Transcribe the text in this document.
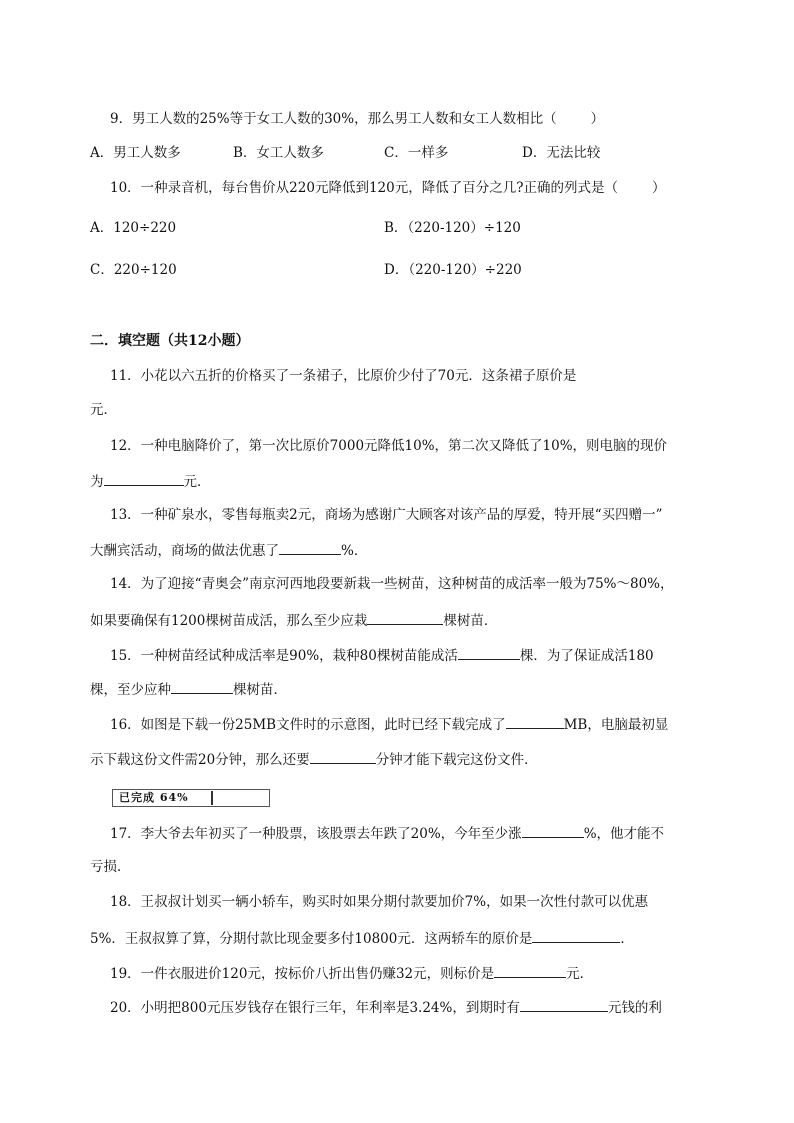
9．男工人数的25%等于女工人数的30%，那么男工人数和女工人数相比（	）
A．男工人数多	B．女工人数多	C．一样多	D．无法比较
10．一种录音机，每台售价从220元降低到120元，降低了百分之几?正确的列式是（	）
A．120÷220	B．（220-120）÷120
C．220÷120	D．（220-120）÷220
二．填空题（共12小题）
11．小花以六五折的价格买了一条裙子，比原价少付了70元．这条裙子原价是
元．
12．一种电脑降价了，第一次比原价7000元降低10%，第二次又降低了10%，则电脑的现价
为	元．
13．一种矿泉水，零售每瓶卖2元，商场为感谢广大顾客对该产品的厚爱，特开展“买四赠一”
大酬宾活动，商场的做法优惠了	%．
14．为了迎接“青奥会”南京河西地段要新栽一些树苗，这种树苗的成活率一般为75%～80%，
如果要确保有1200棵树苗成活，那么至少应栽	棵树苗．
15．一种树苗经试种成活率是90%，栽种80棵树苗能成活	棵．为了保证成活180
棵，至少应种	棵树苗．
16．如图是下载一份25MB文件时的示意图，此时已经下载完成了	MB，电脑最初显
示下载这份文件需20分钟，那么还要	分钟才能下载完这份文件．
已完成 64%
17．李大爷去年初买了一种股票，该股票去年跌了20%，今年至少涨	%，他才能不
亏损．
18．王叔叔计划买一辆小轿车，购买时如果分期付款要加价7%，如果一次性付款可以优惠
5%．王叔叔算了算，分期付款比现金要多付10800元．这两轿车的原价是	．
19．一件衣服进价120元，按标价八折出售仍赚32元，则标价是	元．
20．小明把800元压岁钱存在银行三年，年利率是3.24%，到期时有	元钱的利
